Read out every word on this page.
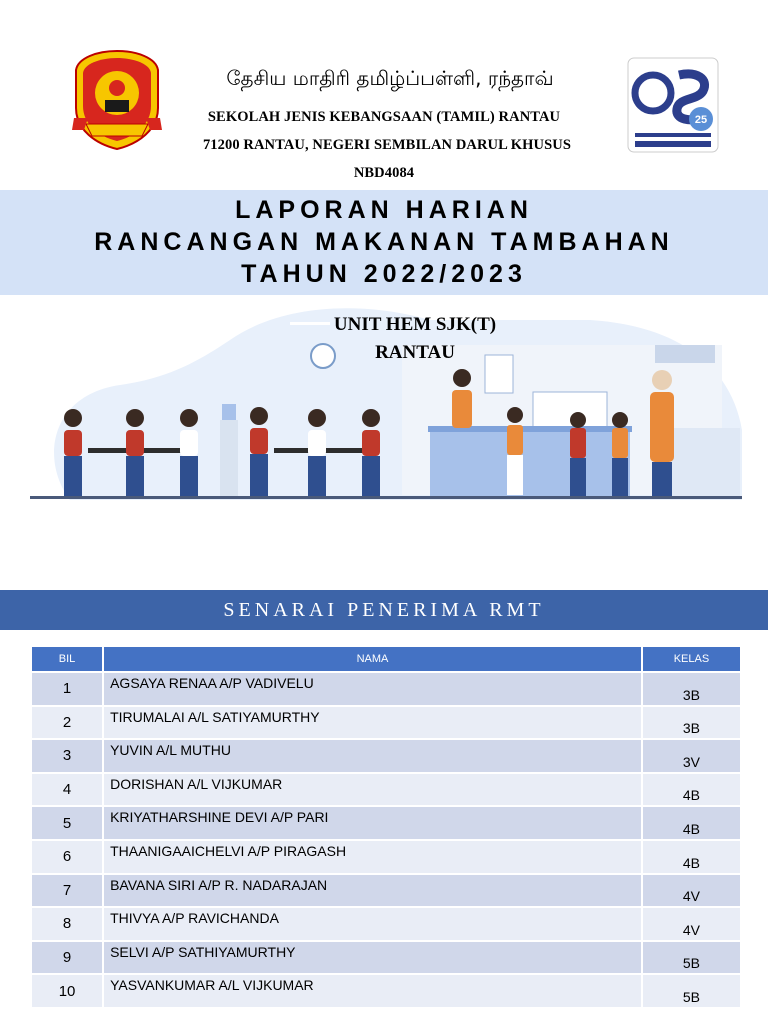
25
தேசிய மாதிரி தமிழ்ப்பள்ளி, ரந்தாவ்
SEKOLAH JENIS KEBANGSAAN (TAMIL) RANTAU
71200 RANTAU, NEGERI SEMBILAN DARUL KHUSUS
NBD4084
LAPORAN HARIAN
RANCANGAN MAKANAN TAMBAHAN
TAHUN 2022/2023
UNIT HEM SJK(T)
RANTAU
SENARAI PENERIMA RMT
BIL	NAMA	KELAS
1	AGSAYA RENAA A/P VADIVELU	3B
2	TIRUMALAI A/L SATIYAMURTHY	3B
3	YUVIN A/L MUTHU	3V
4	DORISHAN A/L VIJKUMAR	4B
5	KRIYATHARSHINE DEVI A/P PARI	4B
6	THAANIGAAICHELVI A/P PIRAGASH	4B
7	BAVANA SIRI A/P R. NADARAJAN	4V
8	THIVYA A/P RAVICHANDA	4V
9	SELVI A/P SATHIYAMURTHY	5B
10	YASVANKUMAR A/L VIJKUMAR	5B
